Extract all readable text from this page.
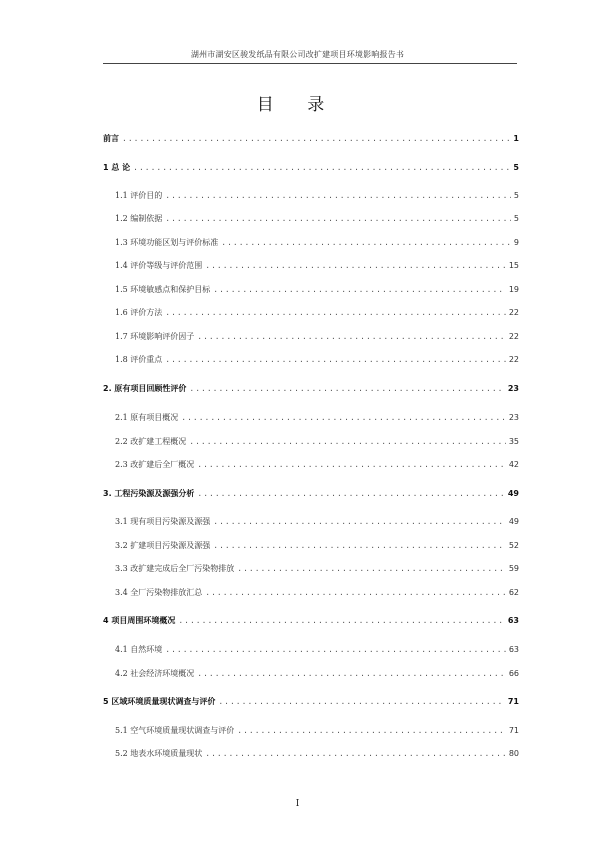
湖州市湖安区骏发纸品有限公司改扩建项目环境影响报告书
目 录
前言 .....	1
1 总 论 .....	5
1.1 评价目的 .....	5
1.2 编制依据 .....	5
1.3 环境功能区划与评价标准 .....	9
1.4 评价等级与评价范围 .....	15
1.5 环境敏感点和保护目标 .....	19
1.6 评价方法 .....	22
1.7 环境影响评价因子 .....	22
1.8 评价重点 .....	22
2. 原有项目回顾性评价 .....	23
2.1 原有项目概况 .....	23
2.2 改扩建工程概况 .....	35
2.3 改扩建后全厂概况 .....	42
3. 工程污染源及源强分析 .....	49
3.1 现有项目污染源及源强 .....	49
3.2 扩建项目污染源及源强 .....	52
3.3 改扩建完成后全厂污染物排放 .....	59
3.4 全厂污染物排放汇总 .....	62
4 项目周围环境概况 .....	63
4.1 自然环境 .....	63
4.2 社会经济环境概况 .....	66
5 区域环境质量现状调查与评价 .....	71
5.1 空气环境质量现状调查与评价 .....	71
5.2 地表水环境质量现状 .....	80
I
